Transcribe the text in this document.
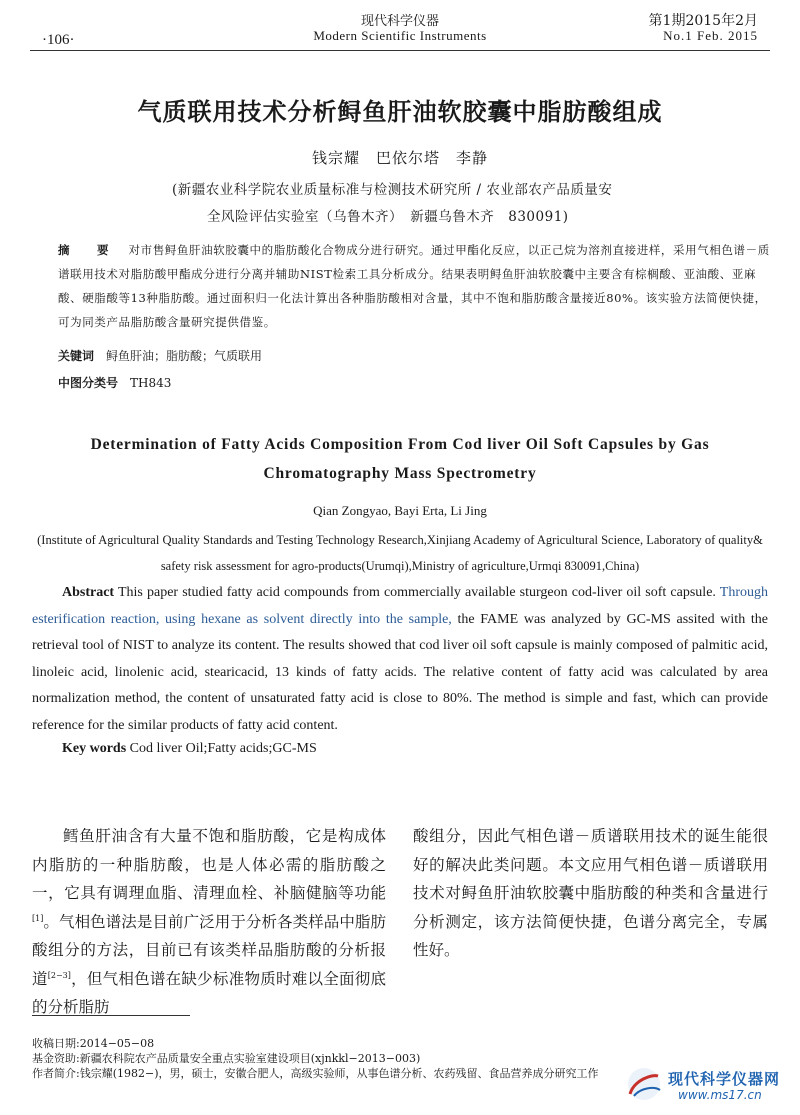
·106·
现代科学仪器
Modern Scientific Instruments
第1期2015年2月
No.1 Feb. 2015
气质联用技术分析鲟鱼肝油软胶囊中脂肪酸组成
钱宗耀　巴依尔塔　李静
(新疆农业科学院农业质量标准与检测技术研究所 / 农业部农产品质量安
全风险评估实验室（乌鲁木齐）　新疆乌鲁木齐　830091)
摘　要 对市售鲟鱼肝油软胶囊中的脂肪酸化合物成分进行研究。通过甲酯化反应，以正己烷为溶剂直接进样，采用气相色谱－质谱联用技术对脂肪酸甲酯成分进行分离并辅助NIST检索工具分析成分。结果表明鲟鱼肝油软胶囊中主要含有棕榈酸、亚油酸、亚麻酸、硬脂酸等13种脂肪酸。通过面积归一化法计算出各种脂肪酸相对含量，其中不饱和脂肪酸含量接近80%。该实验方法简便快捷，可为同类产品脂肪酸含量研究提供借鉴。
关键词 鲟鱼肝油；脂肪酸；气质联用
中图分类号 TH843
Determination of Fatty Acids Composition From Cod liver Oil Soft Capsules by Gas
Chromatography Mass Spectrometry
Qian Zongyao, Bayi Erta, Li Jing
(Institute of Agricultural Quality Standards and Testing Technology Research,Xinjiang Academy of Agricultural Science, Laboratory of quality& safety risk assessment for agro-products(Urumqi),Ministry of agriculture,Urmqi 830091,China)
Abstract This paper studied fatty acid compounds from commercially available sturgeon cod-liver oil soft capsule. Through esterification reaction, using hexane as solvent directly into the sample, the FAME was analyzed by GC-MS assited with the retrieval tool of NIST to analyze its content. The results showed that cod liver oil soft capsule is mainly composed of palmitic acid, linoleic acid, linolenic acid, stearicacid, 13 kinds of fatty acids. The relative content of fatty acid was calculated by area normalization method, the content of unsaturated fatty acid is close to 80%. The method is simple and fast, which can provide reference for the similar products of fatty acid content.
Key words Cod liver Oil;Fatty acids;GC-MS
鳕鱼肝油含有大量不饱和脂肪酸，它是构成体内脂肪的一种脂肪酸，也是人体必需的脂肪酸之一，它具有调理血脂、清理血栓、补脑健脑等功能[1]。气相色谱法是目前广泛用于分析各类样品中脂肪酸组分的方法，目前已有该类样品脂肪酸的分析报道[2−3]，但气相色谱在缺少标准物质时难以全面彻底的分析脂肪
酸组分，因此气相色谱－质谱联用技术的诞生能很好的解决此类问题。本文应用气相色谱－质谱联用技术对鲟鱼肝油软胶囊中脂肪酸的种类和含量进行分析测定，该方法简便快捷，色谱分离完全，专属性好。
收稿日期:2014−05−08
基金资助:新疆农科院农产品质量安全重点实验室建设项目(xjnkkl−2013−003)
作者简介:钱宗耀(1982−)，男，硕士，安徽合肥人，高级实验师，从事色谱分析、农药残留、食品营养成分研究工作	现代科学仪器网
www.ms17.cn
